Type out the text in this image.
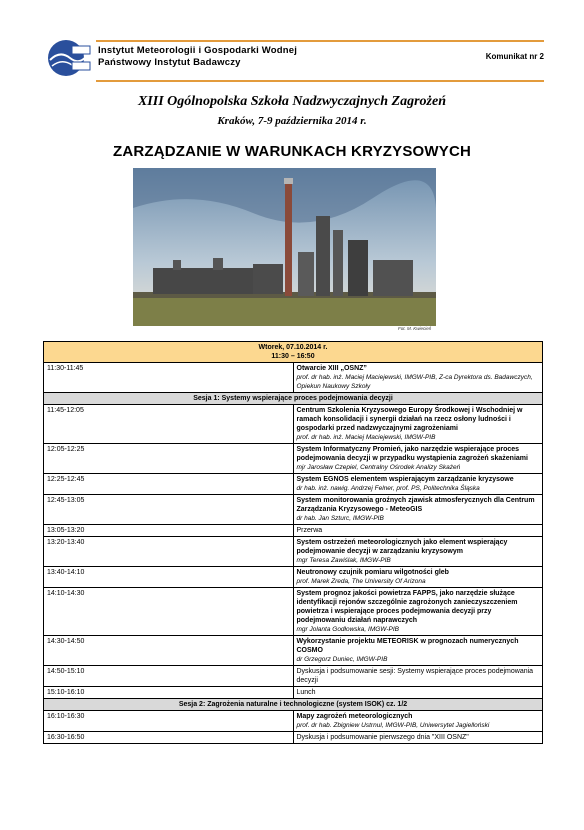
Instytut Meteorologii i Gospodarki Wodnej
Państwowy Instytut Badawczy
Komunikat nr 2
XIII Ogólnopolska Szkoła Nadzwyczajnych Zagrożeń
Kraków, 7-9 października 2014 r.
ZARZĄDZANIE W WARUNKACH KRYZYSOWYCH
Fot. M. Kwiecień
Wtorek, 07.10.2014 r.
11:30 – 16:50	

11:30-11:45	Otwarcie XIII „OSNZ”
prof. dr hab. inż. Maciej Maciejewski, IMGW-PIB, Z-ca Dyrektora ds. Badawczych, Opiekun Naukowy Szkoły

Sesja 1: Systemy wspierające proces podejmowania decyzji	
11:45-12:05	Centrum Szkolenia Kryzysowego Europy Środkowej i Wschodniej w ramach konsolidacji i synergii działań na rzecz osłony ludności i gospodarki przed nadzwyczajnymi zagrożeniami
prof. dr hab. inż. Maciej Maciejewski, IMGW-PIB

12:05-12:25	System Informatyczny Promień, jako narzędzie wspierające proces podejmowania decyzji w przypadku wystąpienia zagrożeń skażeniami
mjr Jarosław Czepiel, Centralny Ośrodek Analizy Skażeń

12:25-12:45	System EGNOS elementem wspierającym zarządzanie kryzysowe
dr hab. inż. nawig. Andrzej Felner, prof. PS, Politechnika Śląska

12:45-13:05	System monitorowania groźnych zjawisk atmosferycznych dla Centrum Zarządzania Kryzysowego - MeteoGIS
dr hab. Jan Szturc, IMGW-PIB

13:05-13:20	Przerwa

13:20-13:40	System ostrzeżeń meteorologicznych jako element wspierający podejmowanie decyzji w zarządzaniu kryzysowym
mgr Teresa Zawiślak, IMGW-PIB

13:40-14:10	Neutronowy czujnik pomiaru wilgotności gleb
prof. Marek Zreda, The University Of Arizona

14:10-14:30	System prognoz jakości powietrza FAPPS, jako narzędzie służące identyfikacji rejonów szczególnie zagrożonych zanieczyszczeniem powietrza i wspierające proces podejmowania decyzji przy podejmowaniu działań naprawczych
mgr Jolanta Godłowska, IMGW-PIB

14:30-14:50	Wykorzystanie projektu METEORISK w prognozach numerycznych COSMO
dr Grzegorz Duniec, IMGW-PIB

14:50-15:10	Dyskusja i podsumowanie sesji: Systemy wspierające proces podejmowania decyzji

15:10-16:10	Lunch

Sesja 2: Zagrożenia naturalne i technologiczne (system ISOK) cz. 1/2	
16:10-16:30	Mapy zagrożeń meteorologicznych
prof. dr hab. Zbigniew Ustrnul, IMGW-PIB, Uniwersytet Jagielloński

16:30-16:50	Dyskusja i podsumowanie pierwszego dnia "XIII OSNZ"
